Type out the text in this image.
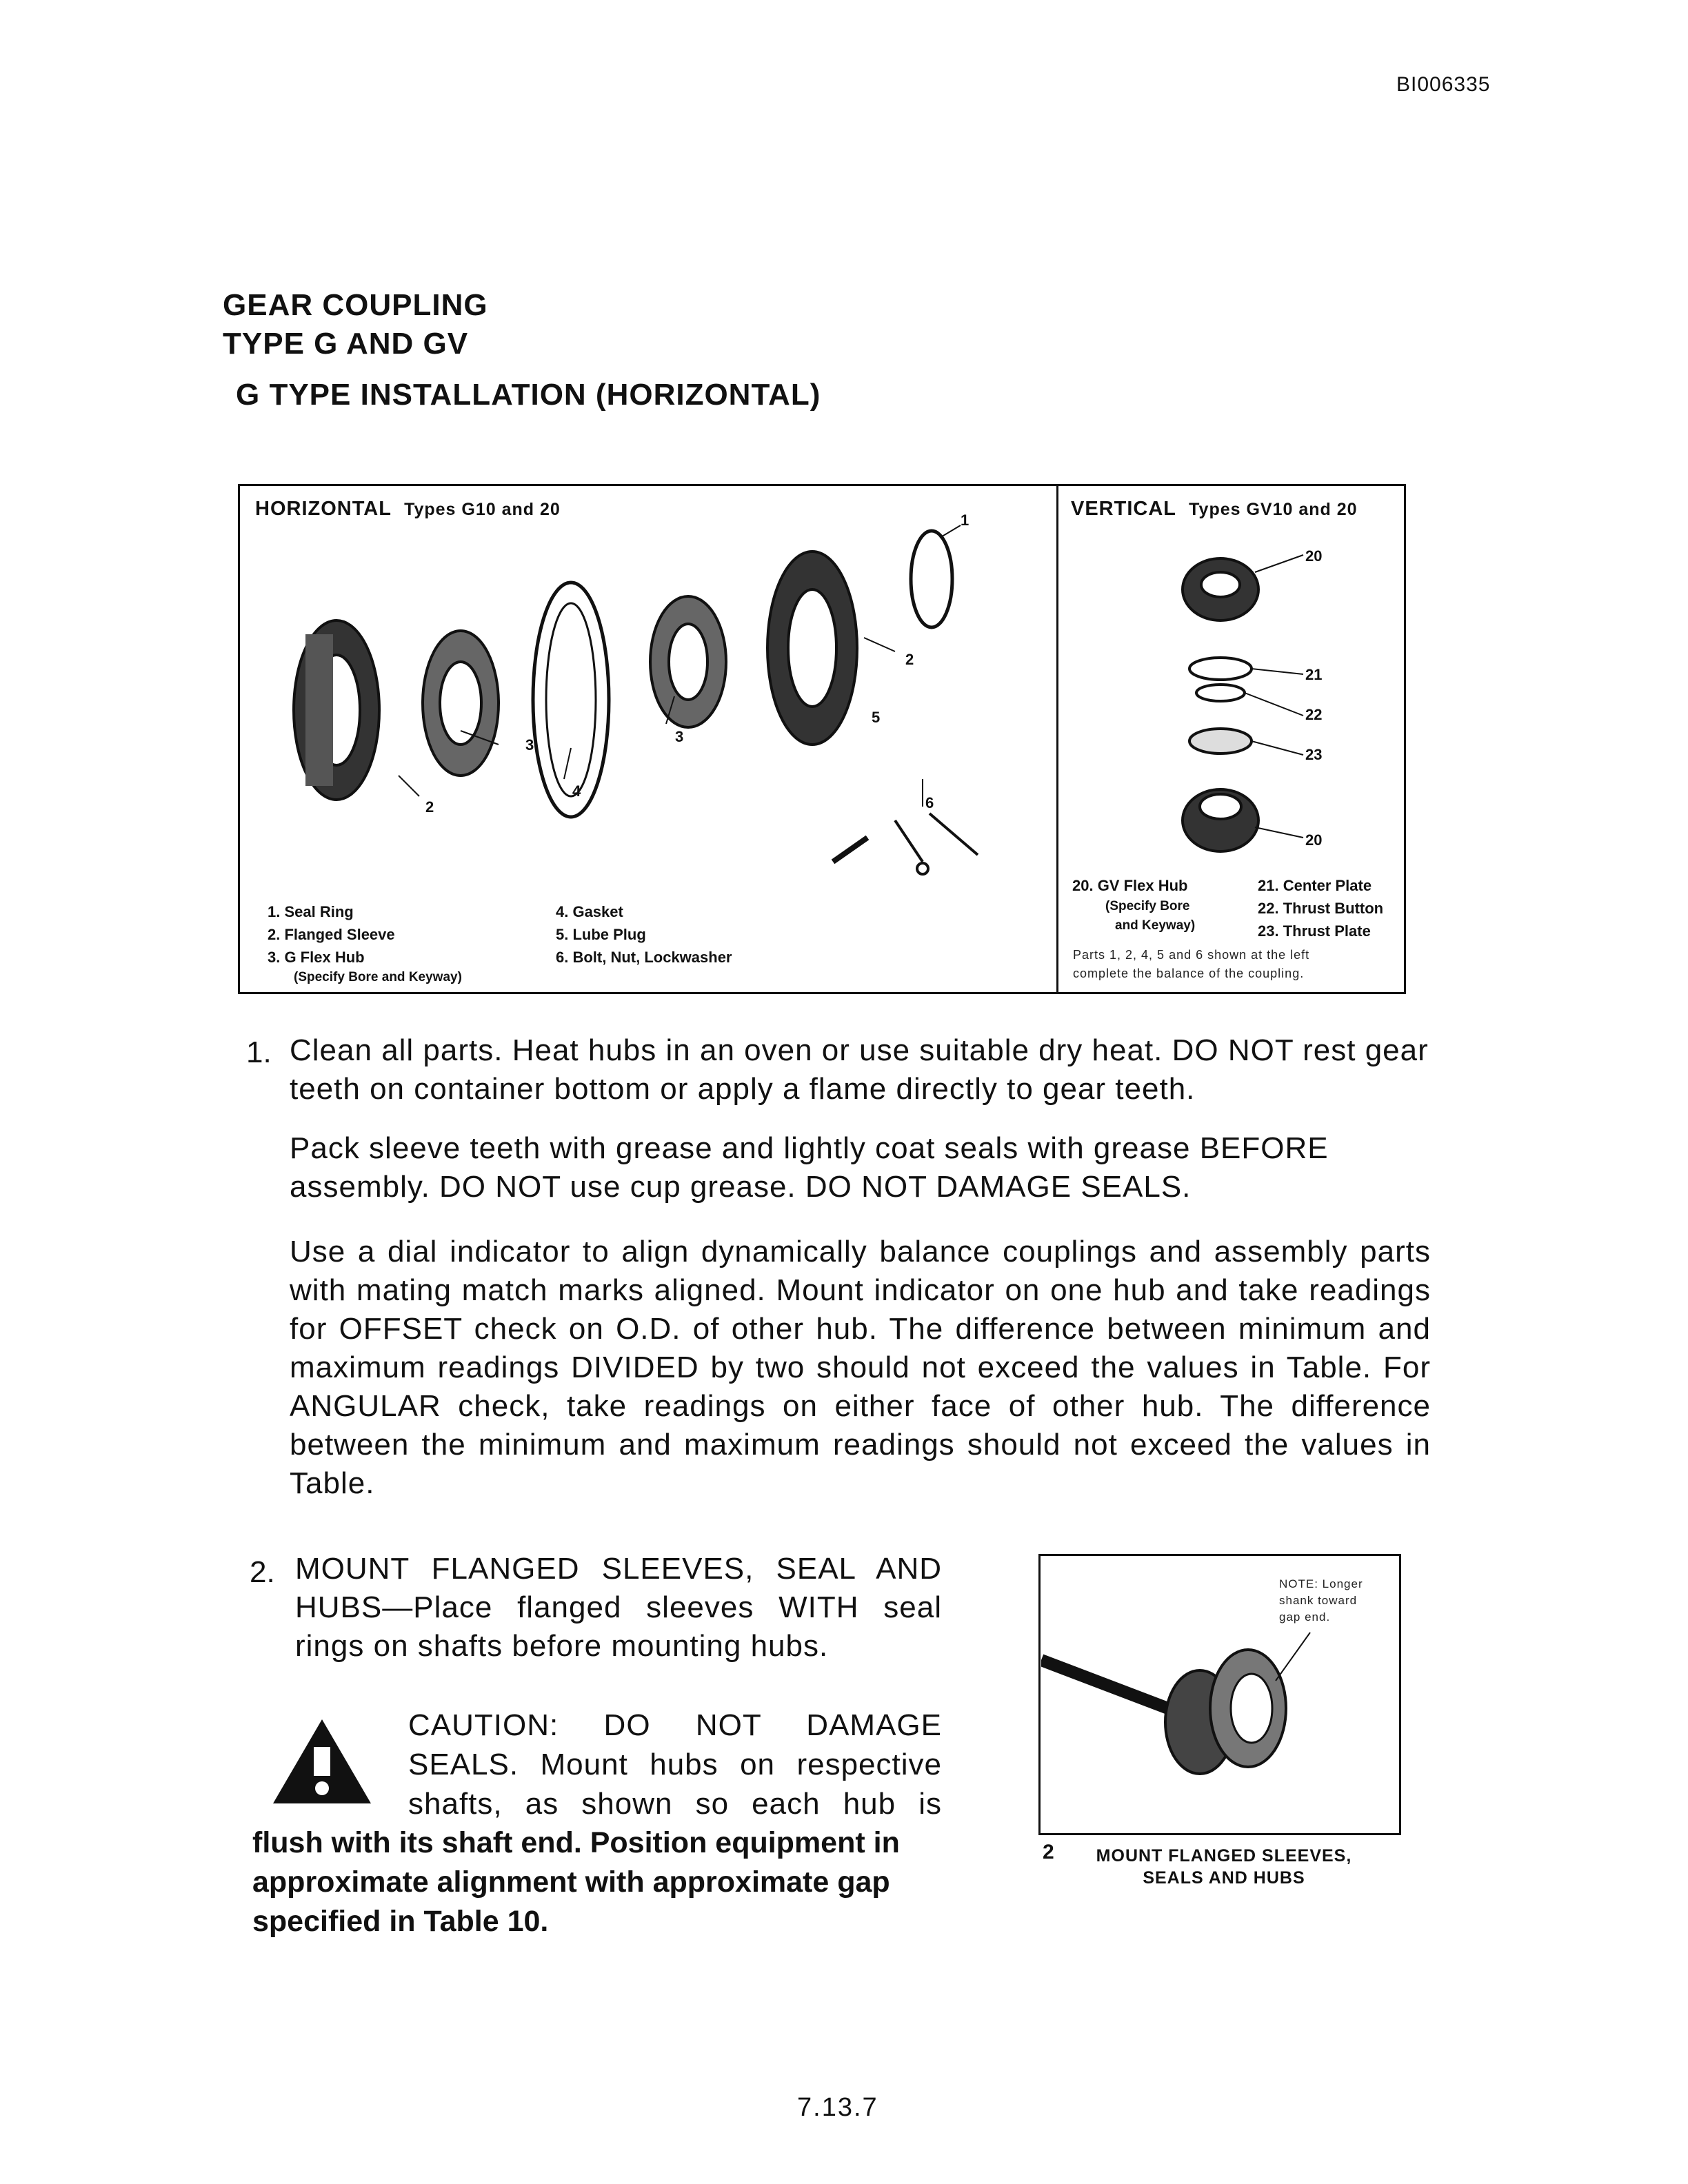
BI006335
GEAR COUPLING
TYPE G AND GV
G TYPE INSTALLATION (HORIZONTAL)
HORIZONTAL Types G10 and 20	VERTICAL Types GV10 and 20
1
2
3	3
2
4
5
6
1. Seal Ring
2. Flanged Sleeve
3. G Flex Hub
(Specify Bore and Keyway)
4. Gasket
5. Lube Plug
6. Bolt, Nut, Lockwasher
20
21
22
23
20
20. GV Flex Hub
(Specify Bore
and Keyway)
21. Center Plate
22. Thrust Button
23. Thrust Plate
Parts 1, 2, 4, 5 and 6 shown at the left
complete the balance of the coupling.
1. Clean all parts. Heat hubs in an oven or use suitable dry heat. DO NOT rest gear teeth on container bottom or apply a flame directly to gear teeth.

Pack sleeve teeth with grease and lightly coat seals with grease BEFORE assembly. DO NOT use cup grease. DO NOT DAMAGE SEALS.

Use a dial indicator to align dynamically balance couplings and assembly parts with mating match marks aligned. Mount indicator on one hub and take readings for OFFSET check on O.D. of other hub. The difference between minimum and maximum readings DIVIDED by two should not exceed the values in Table. For ANGULAR check, take readings on either face of other hub. The difference between the minimum and maximum readings should not exceed the values in Table.

2. MOUNT FLANGED SLEEVES, SEAL AND HUBS—Place flanged sleeves WITH seal rings on shafts before mounting hubs.
CAUTION: DO NOT DAMAGE
SEALS. Mount hubs on respective
shafts, as shown so each hub is
flush with its shaft end. Position equipment in approximate alignment with approximate gap specified in Table 10.
NOTE: Longer
shank toward
gap end.
2	MOUNT FLANGED SLEEVES,
SEALS AND HUBS
7.13.7
